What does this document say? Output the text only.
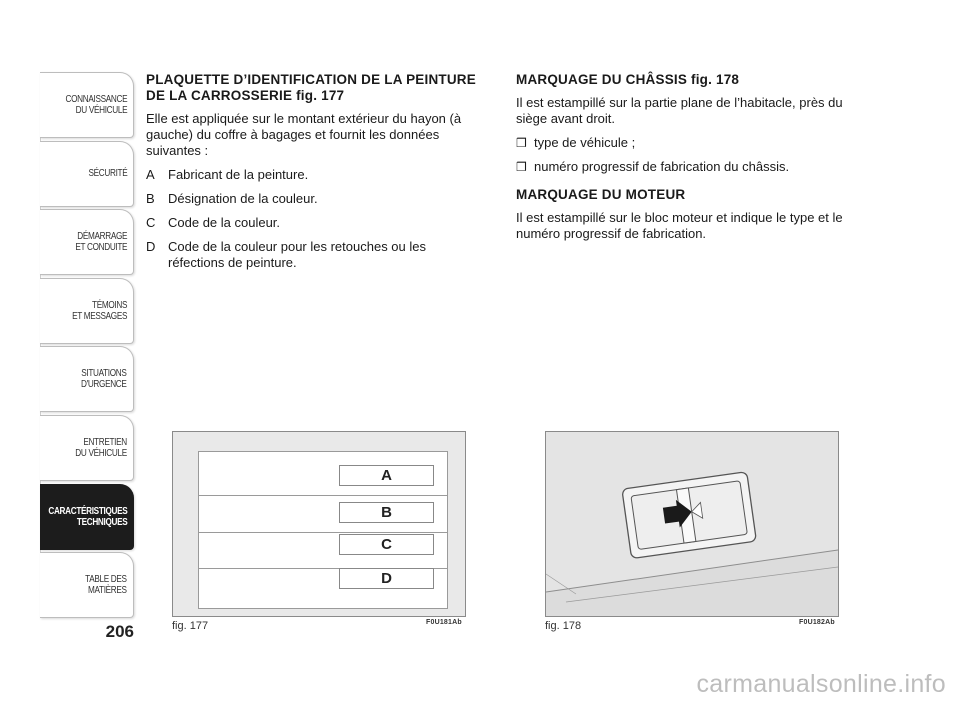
CONNAISSANCE
DU VÉHICULE
SÉCURITÉ
DÉMARRAGE
ET CONDUITE
TÉMOINS
ET MESSAGES
SITUATIONS
D'URGENCE
ENTRETIEN
DU VÉHICULE
CARACTÉRISTIQUES
TECHNIQUES
TABLE DES
MATIÈRES
206
PLAQUETTE D’IDENTIFICATION DE LA PEINTURE DE LA CARROSSERIE fig. 177

Elle est appliquée sur le montant extérieur du hayon (à gauche) du coffre à bagages et fournit les données suivantes :

A	Fabricant de la peinture.
B	Désignation de la couleur.
C Code de la couleur.
D Code de la couleur pour les retouches ou les réfections de peinture.
MARQUAGE DU CHÂSSIS fig. 178

Il est estampillé sur la partie plane de l’habitacle, près du siège avant droit.

❒ type de véhicule ;
❒ numéro progressif de fabrication du châssis.
MARQUAGE DU MOTEUR

Il est estampillé sur le bloc moteur et indique le type et le numéro progressif de fabrication.

A
B
C
D
fig. 177	F0U181Ab	fig. 178	F0U182Ab
carmanualsonline.info
